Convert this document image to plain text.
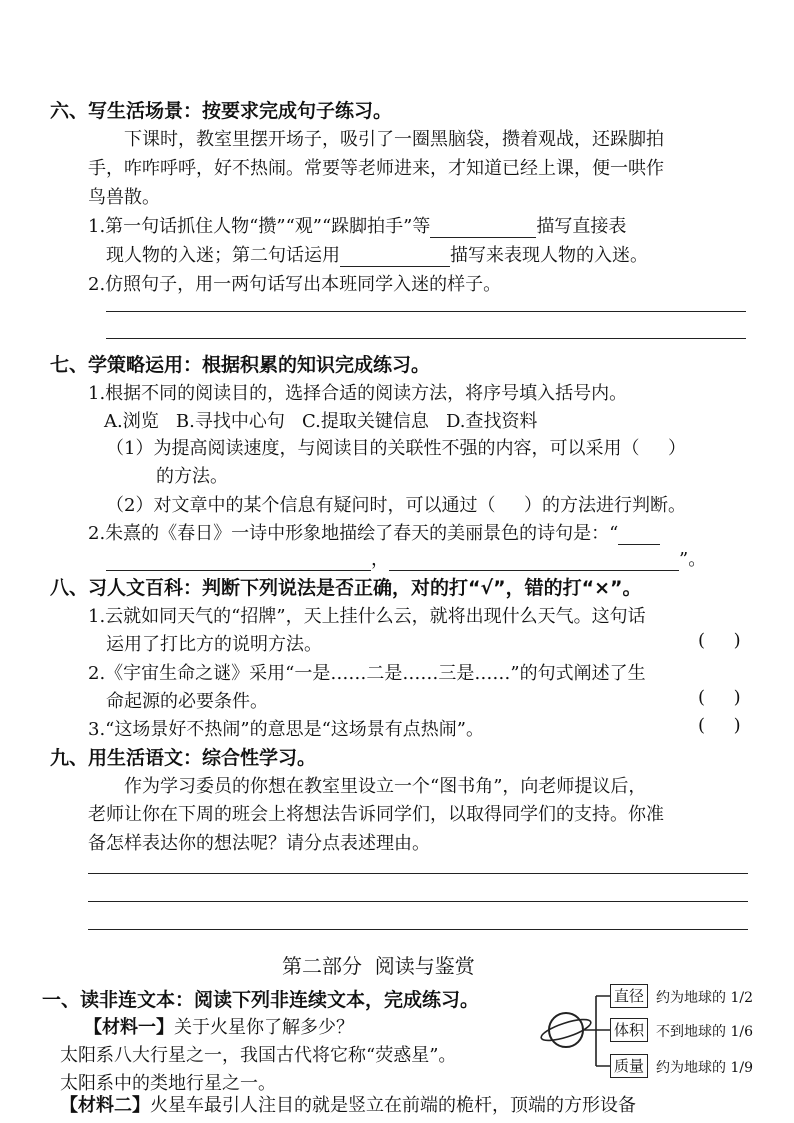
六、写生活场景：按要求完成句子练习。
下课时，教室里摆开场子，吸引了一圈黑脑袋，攒着观战，还跺脚拍
手，咋咋呼呼，好不热闹。常要等老师进来，才知道已经上课，便一哄作
鸟兽散。
1.第一句话抓住人物“攒”“观”“跺脚拍手”等	描写直接表
现人物的入迷；第二句话运用	描写来表现人物的入迷。
2.仿照句子，用一两句话写出本班同学入迷的样子。
七、学策略运用：根据积累的知识完成练习。
1.根据不同的阅读目的，选择合适的阅读方法，将序号填入括号内。
A.浏览   B.寻找中心句   C.提取关键信息   D.查找资料
（1）为提高阅读速度，与阅读目的关联性不强的内容，可以采用（     ）
的方法。
（2）对文章中的某个信息有疑问时，可以通过（     ）的方法进行判断。
2.朱熹的《春日》一诗中形象地描绘了春天的美丽景色的诗句是：“
，	”。
八、习人文百科：判断下列说法是否正确，对的打“√”，错的打“×”。
1.云就如同天气的“招牌”，天上挂什么云，就将出现什么天气。这句话
运用了打比方的说明方法。	(     )
2.《宇宙生命之谜》采用“一是……二是……三是……”的句式阐述了生
命起源的必要条件。	(     )
3.“这场景好不热闹”的意思是“这场景有点热闹”。	(     )
九、用生活语文：综合性学习。
作为学习委员的你想在教室里设立一个“图书角”，向老师提议后，
老师让你在下周的班会上将想法告诉同学们，以取得同学们的支持。你准
备怎样表达你的想法呢？请分点表述理由。
第二部分  阅读与鉴赏
一、读非连文本：阅读下列非连续文本，完成练习。
【材料一】关于火星你了解多少？
太阳系八大行星之一，我国古代将它称“荧惑星”。
太阳系中的类地行星之一。
【材料二】火星车最引人注目的就是竖立在前端的桅杆，顶端的方形设备
直径 约为地球的 1/2
体积 不到地球的 1/6
质量 约为地球的 1/9
